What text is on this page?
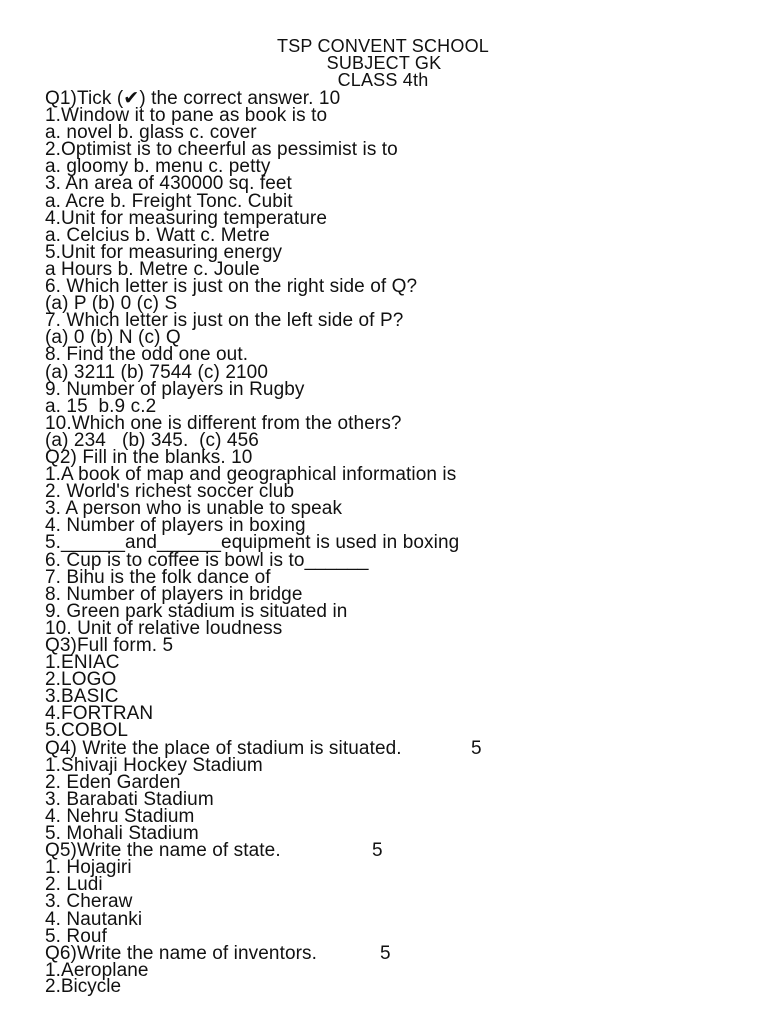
TSP CONVENT SCHOOL
SUBJECT GK
CLASS 4th
Q1)Tick (✔) the correct answer. 10
1.Window it to pane as book is to
a. novel b. glass c. cover
2.Optimist is to cheerful as pessimist is to
a. gloomy b. menu c. petty
3. An area of 430000 sq. feet
a. Acre b. Freight Tonc. Cubit
4.Unit for measuring temperature
a. Celcius b. Watt c. Metre
5.Unit for measuring energy
a Hours b. Metre c. Joule
6. Which letter is just on the right side of Q?
(a) P (b) 0 (c) S
7. Which letter is just on the left side of P?
(a) 0 (b) N (c) Q
8. Find the odd one out.
(a) 3211 (b) 7544 (c) 2100
9. Number of players in Rugby
a. 15  b.9 c.2
10.Which one is different from the others?
(a) 234   (b) 345.  (c) 456
Q2) Fill in the blanks. 10
1.A book of map and geographical information is
2. World's richest soccer club
3. A person who is unable to speak
4. Number of players in boxing
5.______and______equipment is used in boxing
6. Cup is to coffee is bowl is to______
7. Bihu is the folk dance of
8. Number of players in bridge
9. Green park stadium is situated in
10. Unit of relative loudness
Q3)Full form. 5
1.ENIAC
2.LOGO
3.BASIC
4.FORTRAN
5.COBOL
Q4) Write the place of stadium is situated.	5
1.Shivaji Hockey Stadium
2. Eden Garden
3. Barabati Stadium
4. Nehru Stadium
5. Mohali Stadium
Q5)Write the name of state.	5
1. Hojagiri
2. Ludi
3. Cheraw
4. Nautanki
5. Rouf
Q6)Write the name of inventors.	5
1.Aeroplane
2.Bicycle
